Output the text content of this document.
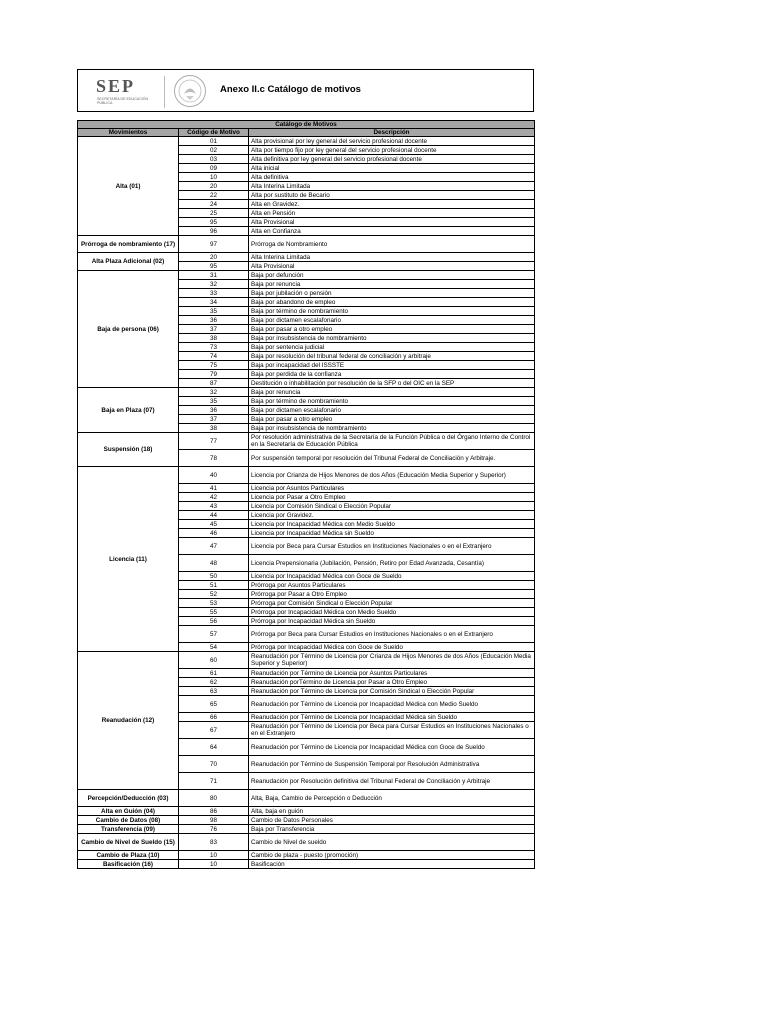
SEP
SECRETARÍA DE EDUCACIÓN PÚBLICA
Anexo II.c Catálogo de motivos
Catálogo de Motivos		
Movimientos	Código de Motivo	Descripción
Alta (01)	01	Alta provisional por ley general del servicio profesional docente
	02	Alta por tiempo fijo por ley general del servicio profesional docente
	03	Alta definitiva por ley general del servicio profesional docente
	09	Alta inicial
	10	Alta definitiva
	20	Alta Interina Limitada
	22	Alta por sustituto de Becario
	24	Alta en Gravidez.
	25	Alta en Pensión
	95	Alta Provisional
	96	Alta en Confianza
Prórroga de nombramiento (17)	97	Prórroga de Nombramiento
Alta Plaza Adicional (02)	20	Alta Interina Limitada
	95	Alta Provisional
Baja de persona (06)	31	Baja por defunción
	32	Baja por renuncia
	33	Baja por jubilación o pensión
	34	Baja por abandono de empleo
	35	Baja por término de nombramiento
	36	Baja por dictamen escalafonario
	37	Baja por pasar a otro empleo
	38	Baja por insubsistencia de nombramiento
	73	Baja por sentencia judicial
	74	Baja por resolución del tribunal federal de conciliación y arbitraje
	75	Baja por incapacidad del ISSSTE
	79	Baja por perdida de la confianza
	87	Destitución o inhabilitación por resolución de la SFP o del OIC en la SEP
Baja en Plaza (07)	32	Baja por renuncia
	35	Baja por término de nombramiento
	36	Baja por dictamen escalafonario
	37	Baja por pasar a otro empleo
	38	Baja por insubsistencia de nombramiento
Suspensión (18)	77	Por resolución administrativa de la Secretaría de la Función Pública o del Órgano Interno de Control en la Secretaría de Educación Pública
	78	Por suspensión temporal por resolución del Tribunal Federal de Conciliación y Arbitraje.
Licencia (11)	40	Licencia por Crianza de Hijos Menores de dos Años (Educación Media Superior y Superior)
	41	Licencia por Asuntos Particulares
	42	Licencia por Pasar a Otro Empleo
	43	Licencia por Comisión Sindical o Elección Popular
	44	Licencia por Gravidez.
	45	Licencia por Incapacidad Médica con Medio Sueldo
	46	Licencia por Incapacidad Médica sin Sueldo
	47	Licencia por Beca para Cursar Estudios en Instituciones Nacionales o en el Extranjero
	48	Licencia Prepensionaria (Jubilación, Pensión, Retiro por Edad Avanzada, Cesantía)
	50	Licencia por Incapacidad Médica con Goce de Sueldo
	51	Prórroga por Asuntos Particulares
	52	Prórroga por Pasar a Otro Empleo
	53	Prórroga por Comisión Sindical o Elección Popular
	55	Prórroga por Incapacidad Médica con Medio Sueldo
	56	Prórroga por Incapacidad Médica sin Sueldo
	57	Prórroga por Beca para Cursar Estudios en Instituciones Nacionales o en el Extranjero
	54	Prórroga por Incapacidad Médica con Goce de Sueldo
Reanudación (12)	60	Reanudación por Término de Licencia por Crianza de Hijos Menores de dos Años (Educación Media Superior y Superior)
	61	Reanudación por Término de Licencia por Asuntos Particulares
	62	Reanudación porTérmino de Licencia por Pasar a Otro Empleo
	63	Reanudación por Término de Licencia por Comisión Sindical o Elección Popular
	65	Reanudación por Término de Licencia por Incapacidad Médica con Medio Sueldo
	66	Reanudación por Término de Licencia por Incapacidad Médica sin Sueldo
	67	Reanudación por Término de Licencia por Beca para Cursar Estudios en Instituciones Nacionales o en el Extranjero
	64	Reanudación por Término de Licencia por Incapacidad Médica con Goce de Sueldo
	70	Reanudación por Término de Suspensión Temporal por Resolución Administrativa
	71	Reanudación por Resolución definitiva del Tribunal Federal de Conciliación y Arbitraje
Percepción/Deducción (03)	80	Alta, Baja, Cambio de Percepción o Deducción
Alta en Guión (04)	86	Alta, baja en guión
Cambio de Datos (08)	98	Cambio de Datos Personales
Transferencia (09)	76	Baja por Transferencia
Cambio de Nivel de Sueldo (15)	83	Cambio de Nivel de sueldo
Cambio de Plaza (10)	10	Cambio de plaza - puesto (promoción)
Basificación (16)	10	Basificación
